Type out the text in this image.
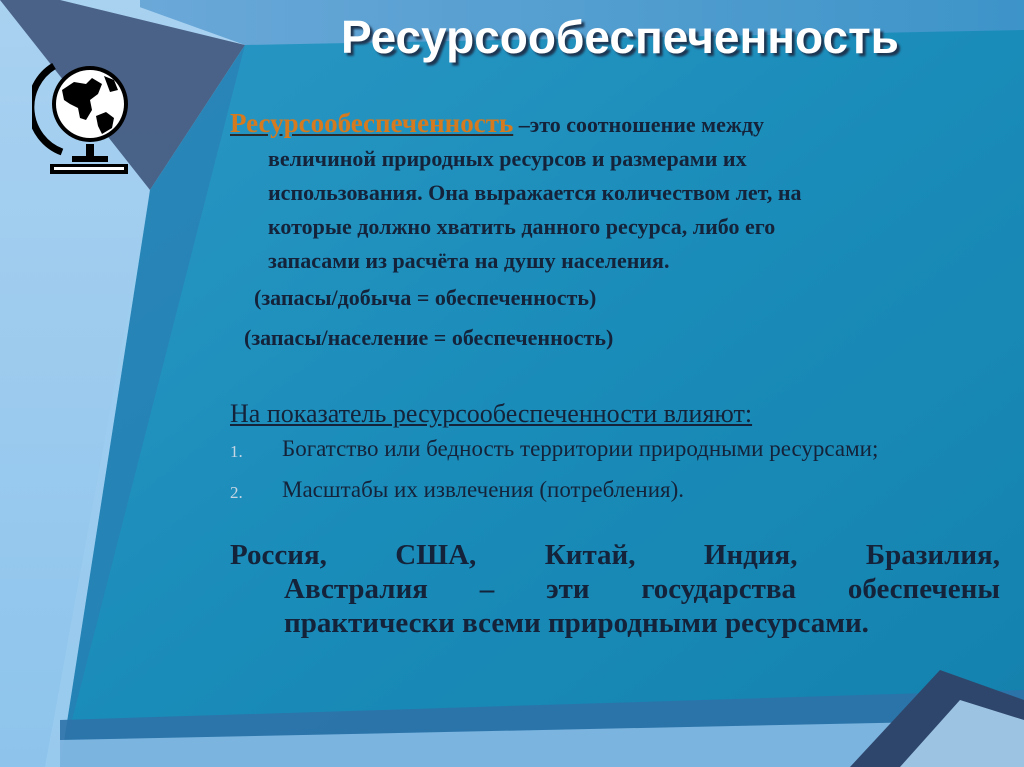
Ресурсообеспеченность
Ресурсообеспеченность –это соотношение между
величиной природных ресурсов и размерами их
использования. Она выражается количеством лет, на
которые должно хватить данного ресурса, либо его
запасами из расчёта на душу населения.
(запасы/добыча = обеспеченность)
(запасы/население = обеспеченность)
На показатель ресурсообеспеченности влияют:
1.	Богатство или бедность территории природными ресурсами;
2.	Масштабы их извлечения (потребления).
Россия, США, Китай, Индия, Бразилия,
Австралия – эти государства обеспечены
практически всеми природными ресурсами.
